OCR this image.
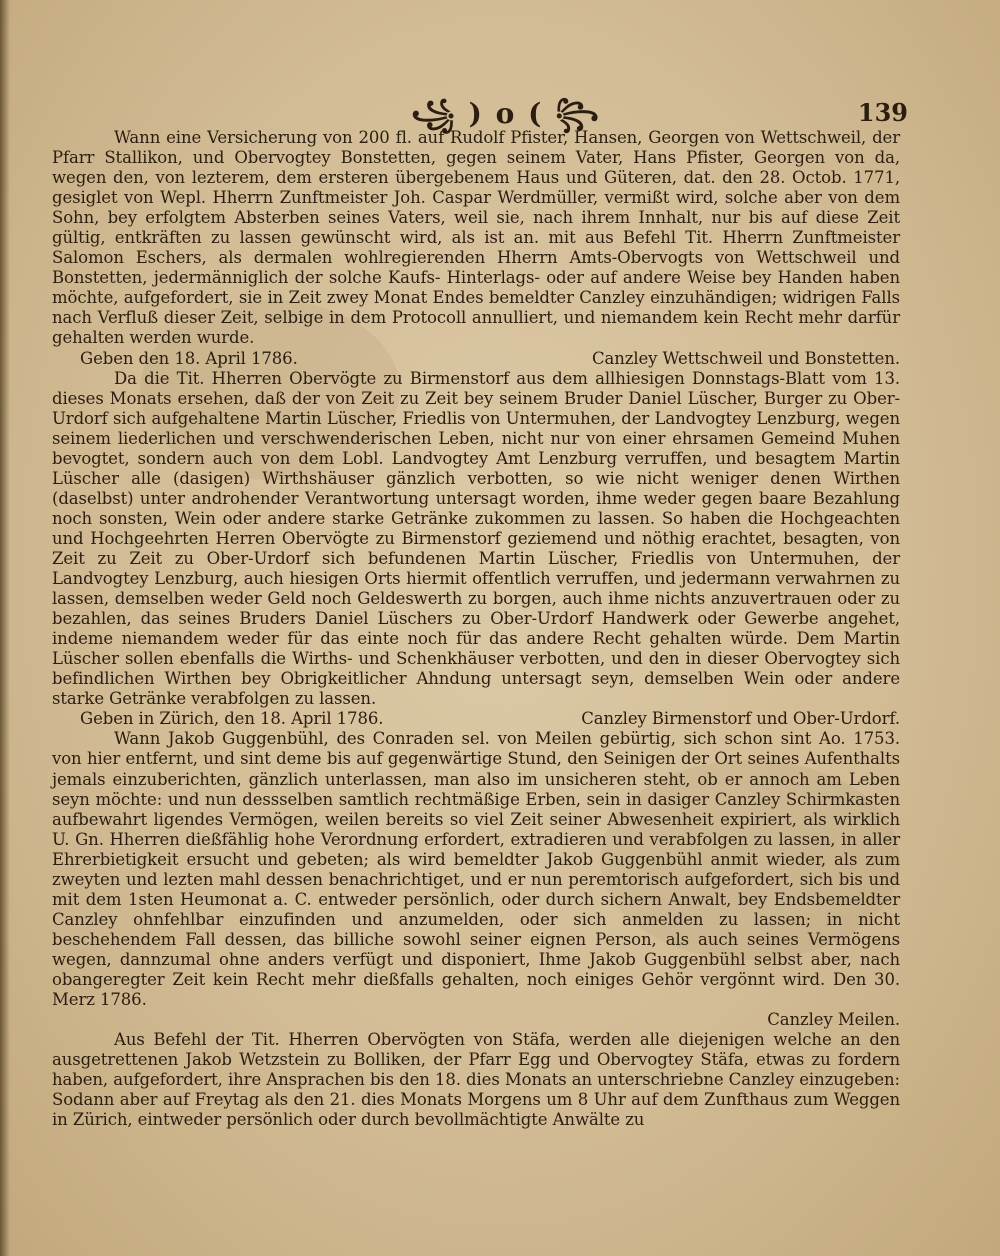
꧁ ) o ( ꧂	139

Wann eine Versicherung von 200 fl. auf Rudolf Pfister, Hansen, Georgen von Wettschweil, der Pfarr Stallikon, und Obervogtey Bonstetten, gegen seinem Vater, Hans Pfister, Georgen von da, wegen den, von lezterem, dem ersteren übergebenem Haus und Güteren, dat. den 28. Octob. 1771, gesiglet von Wepl. Hherrn Zunftmeister Joh. Caspar Werdmüller, vermißt wird, solche aber von dem Sohn, bey erfolgtem Absterben seines Vaters, weil sie, nach ihrem Innhalt, nur bis auf diese Zeit gültig, entkräften zu lassen gewünscht wird, als ist an. mit aus Befehl Tit. Hherrn Zunftmeister Salomon Eschers, als dermalen wohlregierenden Hherrn Amts-Obervogts von Wettschweil und Bonstetten, jedermänniglich der solche Kaufs- Hinterlags- oder auf andere Weise bey Handen haben möchte, aufgefordert, sie in Zeit zwey Monat Endes bemeldter Canzley einzuhändigen; widrigen Falls nach Verfluß dieser Zeit, selbige in dem Protocoll annulliert, und niemandem kein Recht mehr darfür gehalten werden wurde.

Geben den 18. April 1786.	Canzley Wettschweil und Bonstetten.

Da die Tit. Hherren Obervögte zu Birmenstorf aus dem allhiesigen Donnstags-Blatt vom 13. dieses Monats ersehen, daß der von Zeit zu Zeit bey seinem Bruder Daniel Lüscher, Burger zu Ober-Urdorf sich aufgehaltene Martin Lüscher, Friedlis von Untermuhen, der Landvogtey Lenzburg, wegen seinem liederlichen und verschwenderischen Leben, nicht nur von einer ehrsamen Gemeind Muhen bevogtet, sondern auch von dem Lobl. Landvogtey Amt Lenzburg verruffen, und besagtem Martin Lüscher alle (dasigen) Wirthshäuser gänzlich verbotten, so wie nicht weniger denen Wirthen (daselbst) unter androhender Verantwortung untersagt worden, ihme weder gegen baare Bezahlung noch sonsten, Wein oder andere starke Getränke zukommen zu lassen. So haben die Hochgeachten und Hochgeehrten Herren Obervögte zu Birmenstorf geziemend und nöthig erachtet, besagten, von Zeit zu Zeit zu Ober-Urdorf sich befundenen Martin Lüscher, Friedlis von Untermuhen, der Landvogtey Lenzburg, auch hiesigen Orts hiermit offentlich verruffen, und jedermann verwahrnen zu lassen, demselben weder Geld noch Geldeswerth zu borgen, auch ihme nichts anzuvertrauen oder zu bezahlen, das seines Bruders Daniel Lüschers zu Ober-Urdorf Handwerk oder Gewerbe angehet, indeme niemandem weder für das einte noch für das andere Recht gehalten würde. Dem Martin Lüscher sollen ebenfalls die Wirths- und Schenkhäuser verbotten, und den in dieser Obervogtey sich befindlichen Wirthen bey Obrigkeitlicher Ahndung untersagt seyn, demselben Wein oder andere starke Getränke verabfolgen zu lassen.

Geben in Zürich, den 18. April 1786.	Canzley Birmenstorf und Ober-Urdorf.

Wann Jakob Guggenbühl, des Conraden sel. von Meilen gebürtig, sich schon sint Ao. 1753. von hier entfernt, und sint deme bis auf gegenwärtige Stund, den Seinigen der Ort seines Aufenthalts jemals einzuberichten, gänzlich unterlassen, man also im unsicheren steht, ob er annoch am Leben seyn möchte: und nun dessselben samtlich rechtmäßige Erben, sein in dasiger Canzley Schirmkasten aufbewahrt ligendes Vermögen, weilen bereits so viel Zeit seiner Abwesenheit expiriert, als wirklich U. Gn. Hherren dießfählig hohe Verordnung erfordert, extradieren und verabfolgen zu lassen, in aller Ehrerbietigkeit ersucht und gebeten; als wird bemeldter Jakob Guggenbühl anmit wieder, als zum zweyten und lezten mahl dessen benachrichtiget, und er nun peremtorisch aufgefordert, sich bis und mit dem 1sten Heumonat a. C. entweder persönlich, oder durch sichern Anwalt, bey Endsbemeldter Canzley ohnfehlbar einzufinden und anzumelden, oder sich anmelden zu lassen; in nicht beschehendem Fall dessen, das billiche sowohl seiner eignen Person, als auch seines Vermögens wegen, dannzumal ohne anders verfügt und disponiert, Ihme Jakob Guggenbühl selbst aber, nach obangeregter Zeit kein Recht mehr dießfalls gehalten, noch einiges Gehör vergönnt wird. Den 30. Merz 1786.

Canzley Meilen.

Aus Befehl der Tit. Hherren Obervögten von Stäfa, werden alle diejenigen welche an den ausgetrettenen Jakob Wetzstein zu Bolliken, der Pfarr Egg und Obervogtey Stäfa, etwas zu fordern haben, aufgefordert, ihre Ansprachen bis den 18. dies Monats an unterschriebne Canzley einzugeben: Sodann aber auf Freytag als den 21. dies Monats Morgens um 8 Uhr auf dem Zunfthaus zum Weggen in Zürich, eintweder persönlich oder durch bevollmächtigte Anwälte zu
